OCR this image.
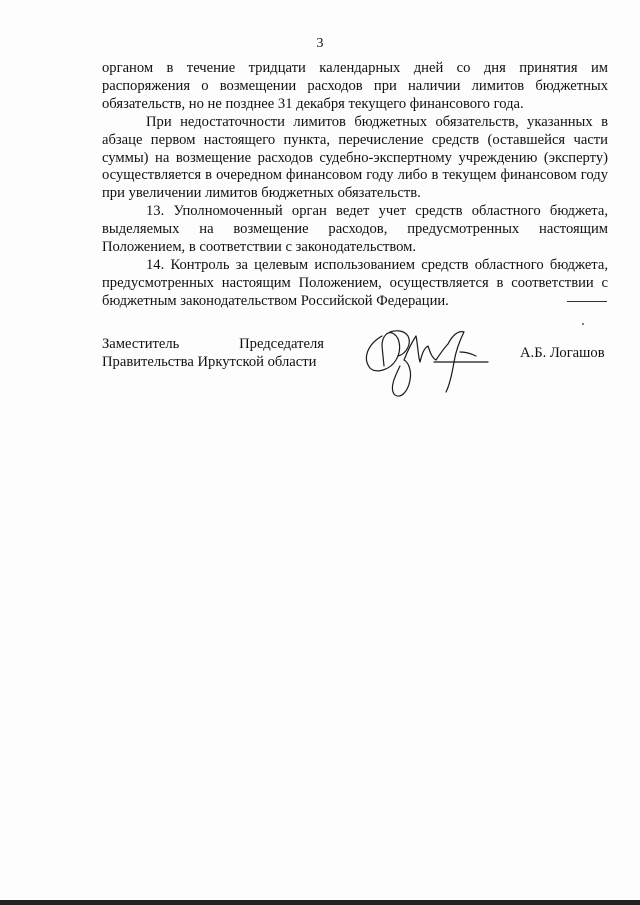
3

органом в течение тридцати календарных дней со дня принятия им распоряжения о возмещении расходов при наличии лимитов бюджетных обязательств, но не позднее 31 декабря текущего финансового года.

При недостаточности лимитов бюджетных обязательств, указанных в абзаце первом настоящего пункта, перечисление средств (оставшейся части суммы) на возмещение расходов судебно-экспертному учреждению (эксперту) осуществляется в очередном финансовом году либо в текущем финансовом году при увеличении лимитов бюджетных обязательств.

13. Уполномоченный орган ведет учет средств областного бюджета, выделяемых на возмещение расходов, предусмотренных настоящим Положением, в соответствии с законодательством.

14. Контроль за целевым использованием средств областного бюджета, предусмотренных настоящим Положением, осуществляется в соответствии с бюджетным законодательством Российской Федерации.

Заместитель	Председателя
Правительства Иркутской области
А.Б. Логашов
